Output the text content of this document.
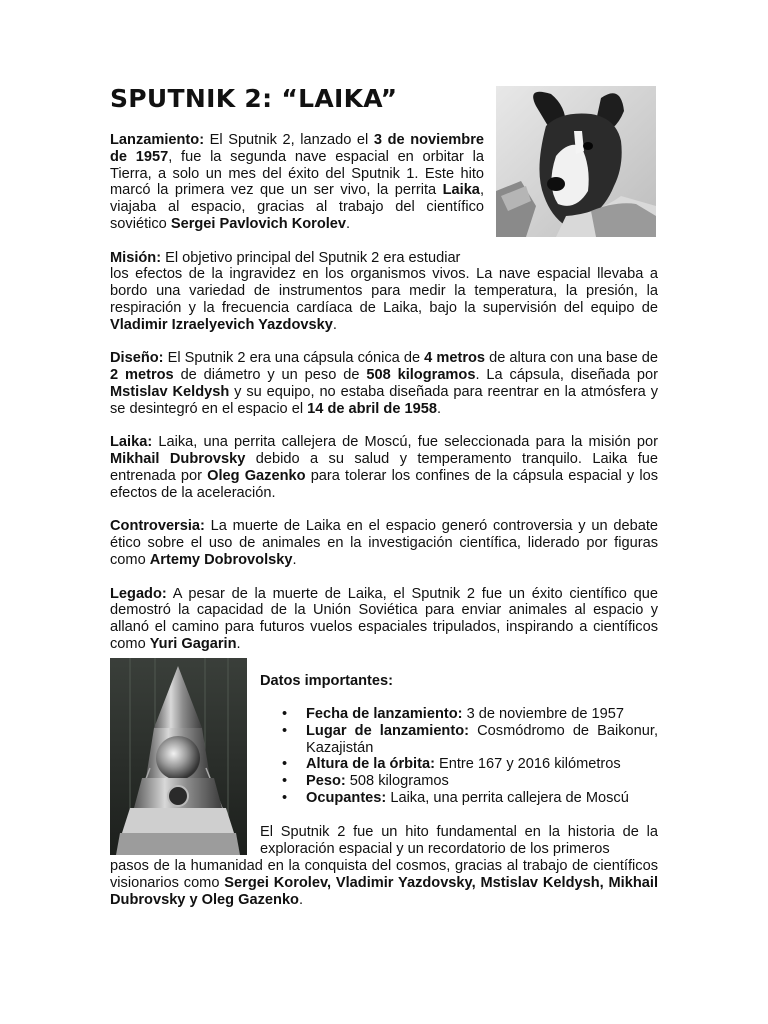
SPUTNIK 2: “LAIKA”

Lanzamiento: El Sputnik 2, lanzado el 3 de noviembre de 1957, fue la segunda nave espacial en orbitar la Tierra, a solo un mes del éxito del Sputnik 1. Este hito marcó la primera vez que un ser vivo, la perrita Laika, viajaba al espacio, gracias al trabajo del científico soviético Sergei Pavlovich Korolev.

Misión: El objetivo principal del Sputnik 2 era estudiar
los efectos de la ingravidez en los organismos vivos. La nave espacial llevaba a bordo una variedad de instrumentos para medir la temperatura, la presión, la respiración y la frecuencia cardíaca de Laika, bajo la supervisión del equipo de Vladimir Izraelyevich Yazdovsky.

Diseño: El Sputnik 2 era una cápsula cónica de 4 metros de altura con una base de 2 metros de diámetro y un peso de 508 kilogramos. La cápsula, diseñada por Mstislav Keldysh y su equipo, no estaba diseñada para reentrar en la atmósfera y se desintegró en el espacio el 14 de abril de 1958.

Laika: Laika, una perrita callejera de Moscú, fue seleccionada para la misión por Mikhail Dubrovsky debido a su salud y temperamento tranquilo. Laika fue entrenada por Oleg Gazenko para tolerar los confines de la cápsula espacial y los efectos de la aceleración.

Controversia: La muerte de Laika en el espacio generó controversia y un debate ético sobre el uso de animales en la investigación científica, liderado por figuras como Artemy Dobrovolsky.

Legado: A pesar de la muerte de Laika, el Sputnik 2 fue un éxito científico que demostró la capacidad de la Unión Soviética para enviar animales al espacio y allanó el camino para futuros vuelos espaciales tripulados, inspirando a científicos como Yuri Gagarin.

Datos importantes:
• Fecha de lanzamiento: 3 de noviembre de 1957
• Lugar de lanzamiento: Cosmódromo de Baikonur, Kazajistán
• Altura de la órbita: Entre 167 y 2016 kilómetros
• Peso: 508 kilogramos
• Ocupantes: Laika, una perrita callejera de Moscú

El Sputnik 2 fue un hito fundamental en la historia de la exploración espacial y un recordatorio de los primeros

pasos de la humanidad en la conquista del cosmos, gracias al trabajo de científicos visionarios como Sergei Korolev, Vladimir Yazdovsky, Mstislav Keldysh, Mikhail Dubrovsky y Oleg Gazenko.
